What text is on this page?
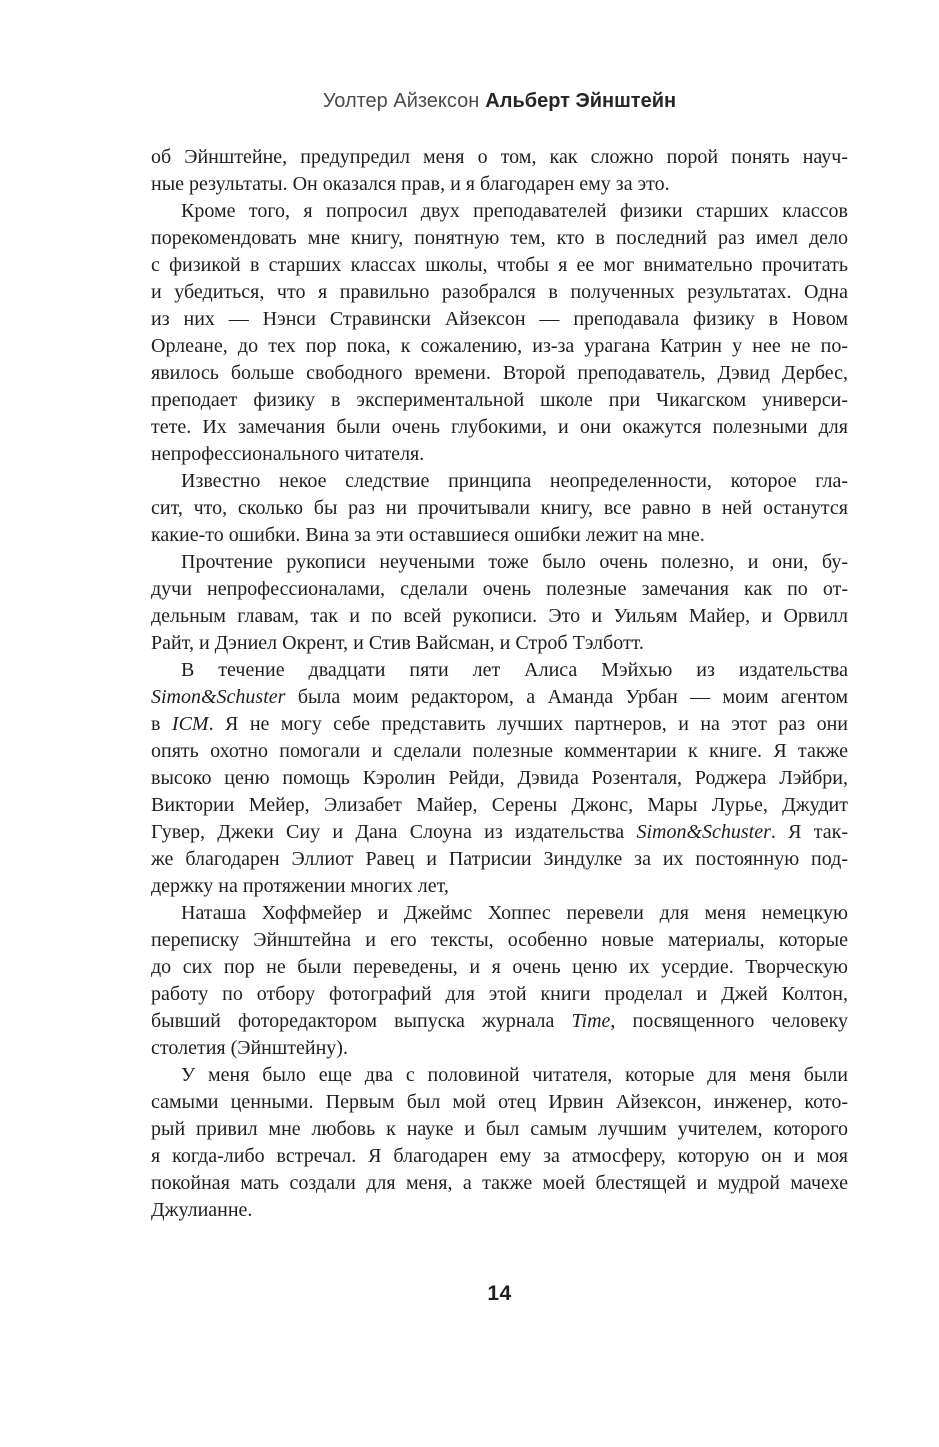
Уолтер Айзексон Альберт Эйнштейн
об Эйнштейне, предупредил меня о том, как сложно порой понять науч-
ные результаты. Он оказался прав, и я благодарен ему за это.
Кроме того, я попросил двух преподавателей физики старших классов
порекомендовать мне книгу, понятную тем, кто в последний раз имел дело
с физикой в старших классах школы, чтобы я ее мог внимательно прочитать
и убедиться, что я правильно разобрался в полученных результатах. Одна
из них — Нэнси Стравински Айзексон — преподавала физику в Новом
Орлеане, до тех пор пока, к сожалению, из-за урагана Катрин у нее не по-
явилось больше свободного времени. Второй преподаватель, Дэвид Дербес,
преподает физику в экспериментальной школе при Чикагском универси-
тете. Их замечания были очень глубокими, и они окажутся полезными для
непрофессионального читателя.
Известно некое следствие принципа неопределенности, которое гла-
сит, что, сколько бы раз ни прочитывали книгу, все равно в ней останутся
какие-то ошибки. Вина за эти оставшиеся ошибки лежит на мне.
Прочтение рукописи неучеными тоже было очень полезно, и они, бу-
дучи непрофессионалами, сделали очень полезные замечания как по от-
дельным главам, так и по всей рукописи. Это и Уильям Майер, и Орвилл
Райт, и Дэниел Окрент, и Стив Вайсман, и Строб Тэлботт.
В течение двадцати пяти лет Алиса Мэйхью из издательства
Simon&Schuster была моим редактором, а Аманда Урбан — моим агентом
в ICM. Я не могу себе представить лучших партнеров, и на этот раз они
опять охотно помогали и сделали полезные комментарии к книге. Я также
высоко ценю помощь Кэролин Рейди, Дэвида Розенталя, Роджера Лэйбри,
Виктории Мейер, Элизабет Майер, Серены Джонс, Мары Лурье, Джудит
Гувер, Джеки Сиу и Дана Слоуна из издательства Simon&Schuster. Я так-
же благодарен Эллиот Равец и Патрисии Зиндулке за их постоянную под-
держку на протяжении многих лет,
Наташа Хоффмейер и Джеймс Хоппес перевели для меня немецкую
переписку Эйнштейна и его тексты, особенно новые материалы, которые
до сих пор не были переведены, и я очень ценю их усердие. Творческую
работу по отбору фотографий для этой книги проделал и Джей Колтон,
бывший фоторедактором выпуска журнала Time, посвященного человеку
столетия (Эйнштейну).
У меня было еще два с половиной читателя, которые для меня были
самыми ценными. Первым был мой отец Ирвин Айзексон, инженер, кото-
рый привил мне любовь к науке и был самым лучшим учителем, которого
я когда-либо встречал. Я благодарен ему за атмосферу, которую он и моя
покойная мать создали для меня, а также моей блестящей и мудрой мачехе
Джулианне.
14
